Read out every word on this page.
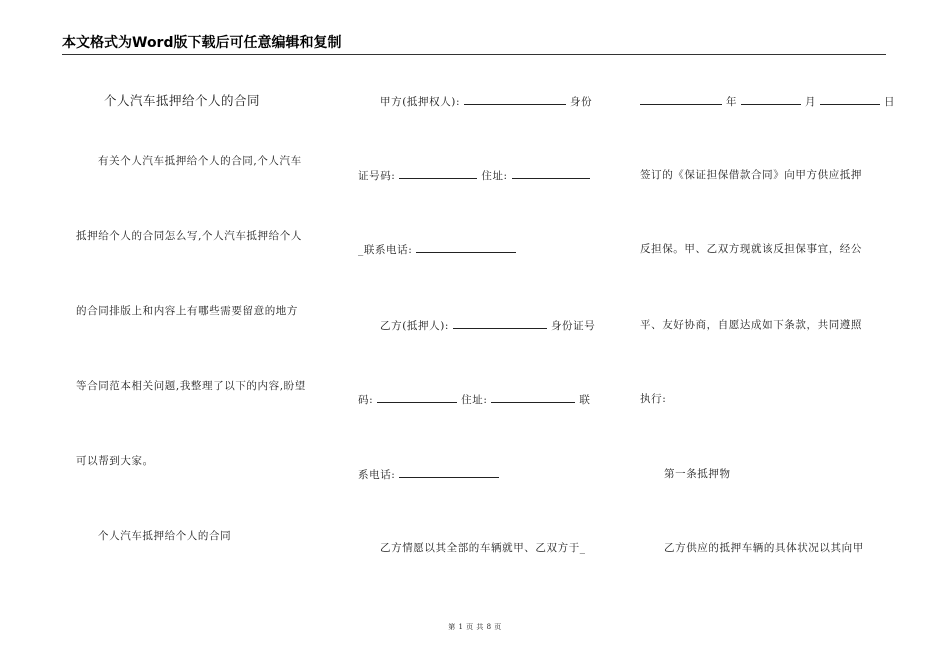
本文格式为Word版下载后可任意编辑和复制
个人汽车抵押给个人的合同
有关个人汽车抵押给个人的合同,个人汽车
抵押给个人的合同怎么写,个人汽车抵押给个人
的合同排版上和内容上有哪些需要留意的地方
等合同范本相关问题,我整理了以下的内容,盼望
可以帮到大家。
个人汽车抵押给个人的合同
甲方(抵押权人):	身份
证号码:	住址:
_联系电话:
乙方(抵押人):	身份证号
码:	住址:	联
系电话:
乙方情愿以其全部的车辆就甲、乙双方于_
年	月	日
签订的《保证担保借款合同》向甲方供应抵押
反担保。甲、乙双方现就该反担保事宜，经公
平、友好协商，自愿达成如下条款，共同遵照
执行:
第一条抵押物
乙方供应的抵押车辆的具体状况以其向甲
第 1 页 共 8 页
